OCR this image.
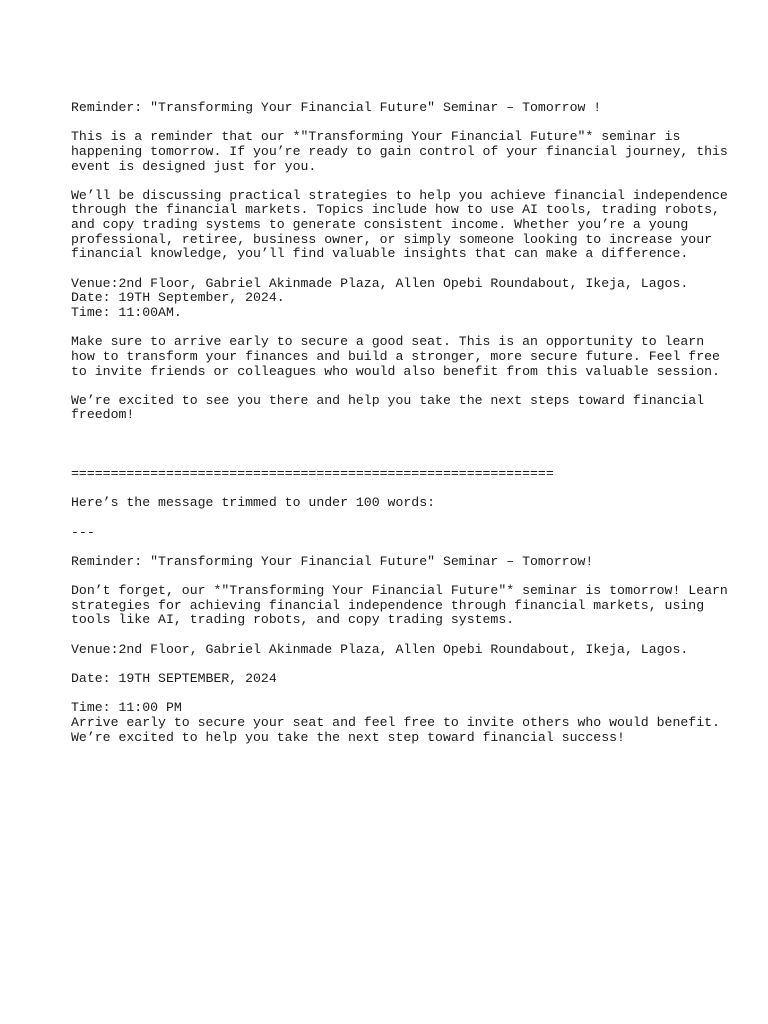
Reminder: "Transforming Your Financial Future" Seminar – Tomorrow !
This is a reminder that our *"Transforming Your Financial Future"* seminar is
happening tomorrow. If you’re ready to gain control of your financial journey, this
event is designed just for you.
We’ll be discussing practical strategies to help you achieve financial independence
through the financial markets. Topics include how to use AI tools, trading robots,
and copy trading systems to generate consistent income. Whether you’re a young
professional, retiree, business owner, or simply someone looking to increase your
financial knowledge, you’ll find valuable insights that can make a difference.
Venue:2nd Floor, Gabriel Akinmade Plaza, Allen Opebi Roundabout, Ikeja, Lagos.
Date: 19TH September, 2024.
Time: 11:00AM.
Make sure to arrive early to secure a good seat. This is an opportunity to learn
how to transform your finances and build a stronger, more secure future. Feel free
to invite friends or colleagues who would also benefit from this valuable session.
We’re excited to see you there and help you take the next steps toward financial
freedom!
=============================================================
Here’s the message trimmed to under 100 words:
---
Reminder: "Transforming Your Financial Future" Seminar – Tomorrow!
Don’t forget, our *"Transforming Your Financial Future"* seminar is tomorrow! Learn
strategies for achieving financial independence through financial markets, using
tools like AI, trading robots, and copy trading systems.
Venue:2nd Floor, Gabriel Akinmade Plaza, Allen Opebi Roundabout, Ikeja, Lagos.
Date: 19TH SEPTEMBER, 2024
Time: 11:00 PM
Arrive early to secure your seat and feel free to invite others who would benefit.
We’re excited to help you take the next step toward financial success!
